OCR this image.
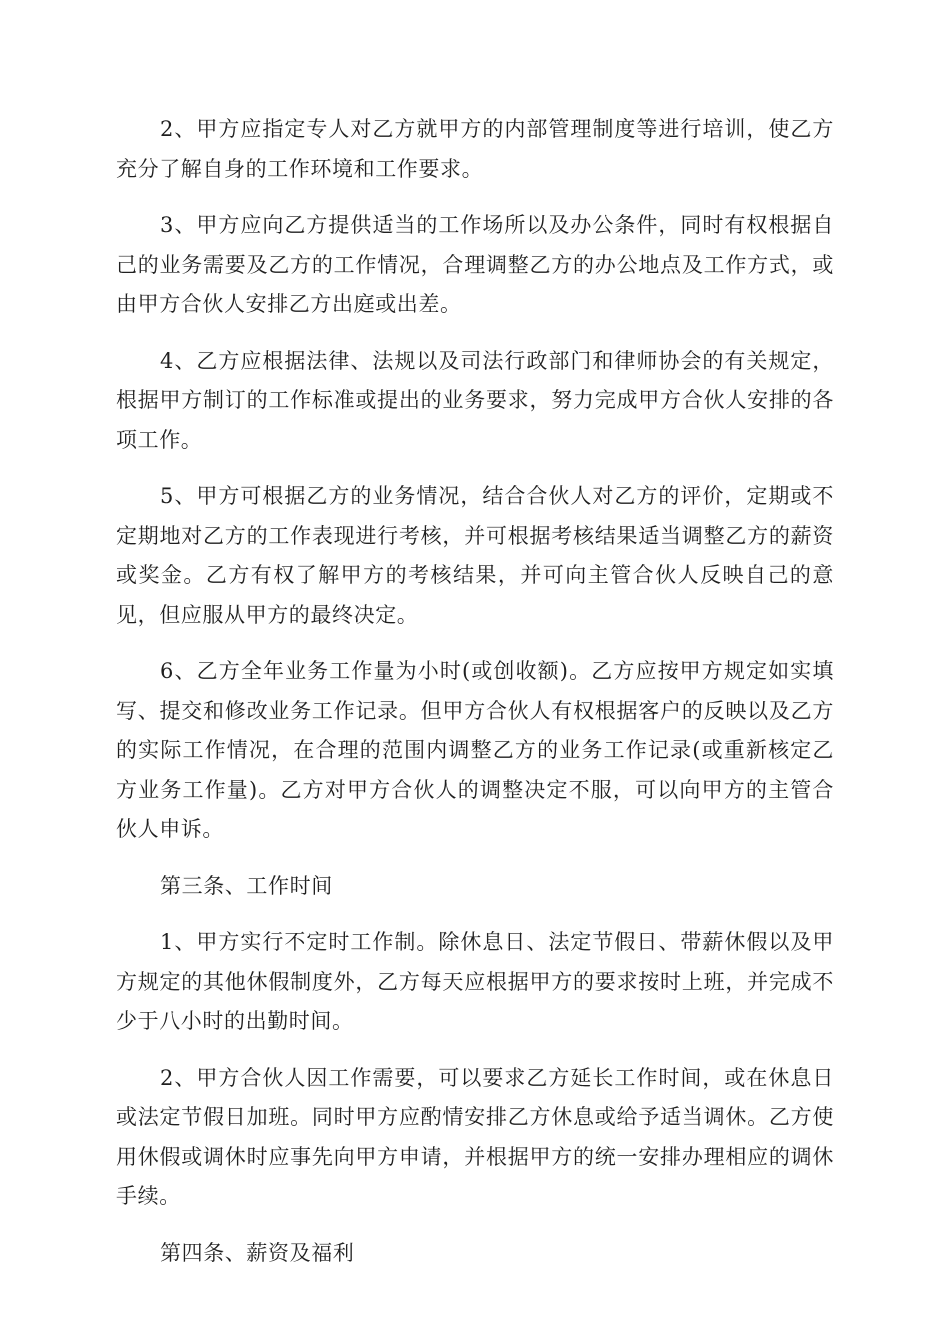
2、甲方应指定专人对乙方就甲方的内部管理制度等进行培训，使乙方充分了解自身的工作环境和工作要求。

3、甲方应向乙方提供适当的工作场所以及办公条件，同时有权根据自己的业务需要及乙方的工作情况，合理调整乙方的办公地点及工作方式，或由甲方合伙人安排乙方出庭或出差。

4、乙方应根据法律、法规以及司法行政部门和律师协会的有关规定，根据甲方制订的工作标准或提出的业务要求，努力完成甲方合伙人安排的各项工作。

5、甲方可根据乙方的业务情况，结合合伙人对乙方的评价，定期或不定期地对乙方的工作表现进行考核，并可根据考核结果适当调整乙方的薪资或奖金。乙方有权了解甲方的考核结果，并可向主管合伙人反映自己的意见，但应服从甲方的最终决定。

6、乙方全年业务工作量为小时(或创收额)。乙方应按甲方规定如实填写、提交和修改业务工作记录。但甲方合伙人有权根据客户的反映以及乙方的实际工作情况，在合理的范围内调整乙方的业务工作记录(或重新核定乙方业务工作量)。乙方对甲方合伙人的调整决定不服，可以向甲方的主管合伙人申诉。

第三条、工作时间

1、甲方实行不定时工作制。除休息日、法定节假日、带薪休假以及甲方规定的其他休假制度外，乙方每天应根据甲方的要求按时上班，并完成不少于八小时的出勤时间。

2、甲方合伙人因工作需要，可以要求乙方延长工作时间，或在休息日或法定节假日加班。同时甲方应酌情安排乙方休息或给予适当调休。乙方使用休假或调休时应事先向甲方申请，并根据甲方的统一安排办理相应的调休手续。

第四条、薪资及福利
